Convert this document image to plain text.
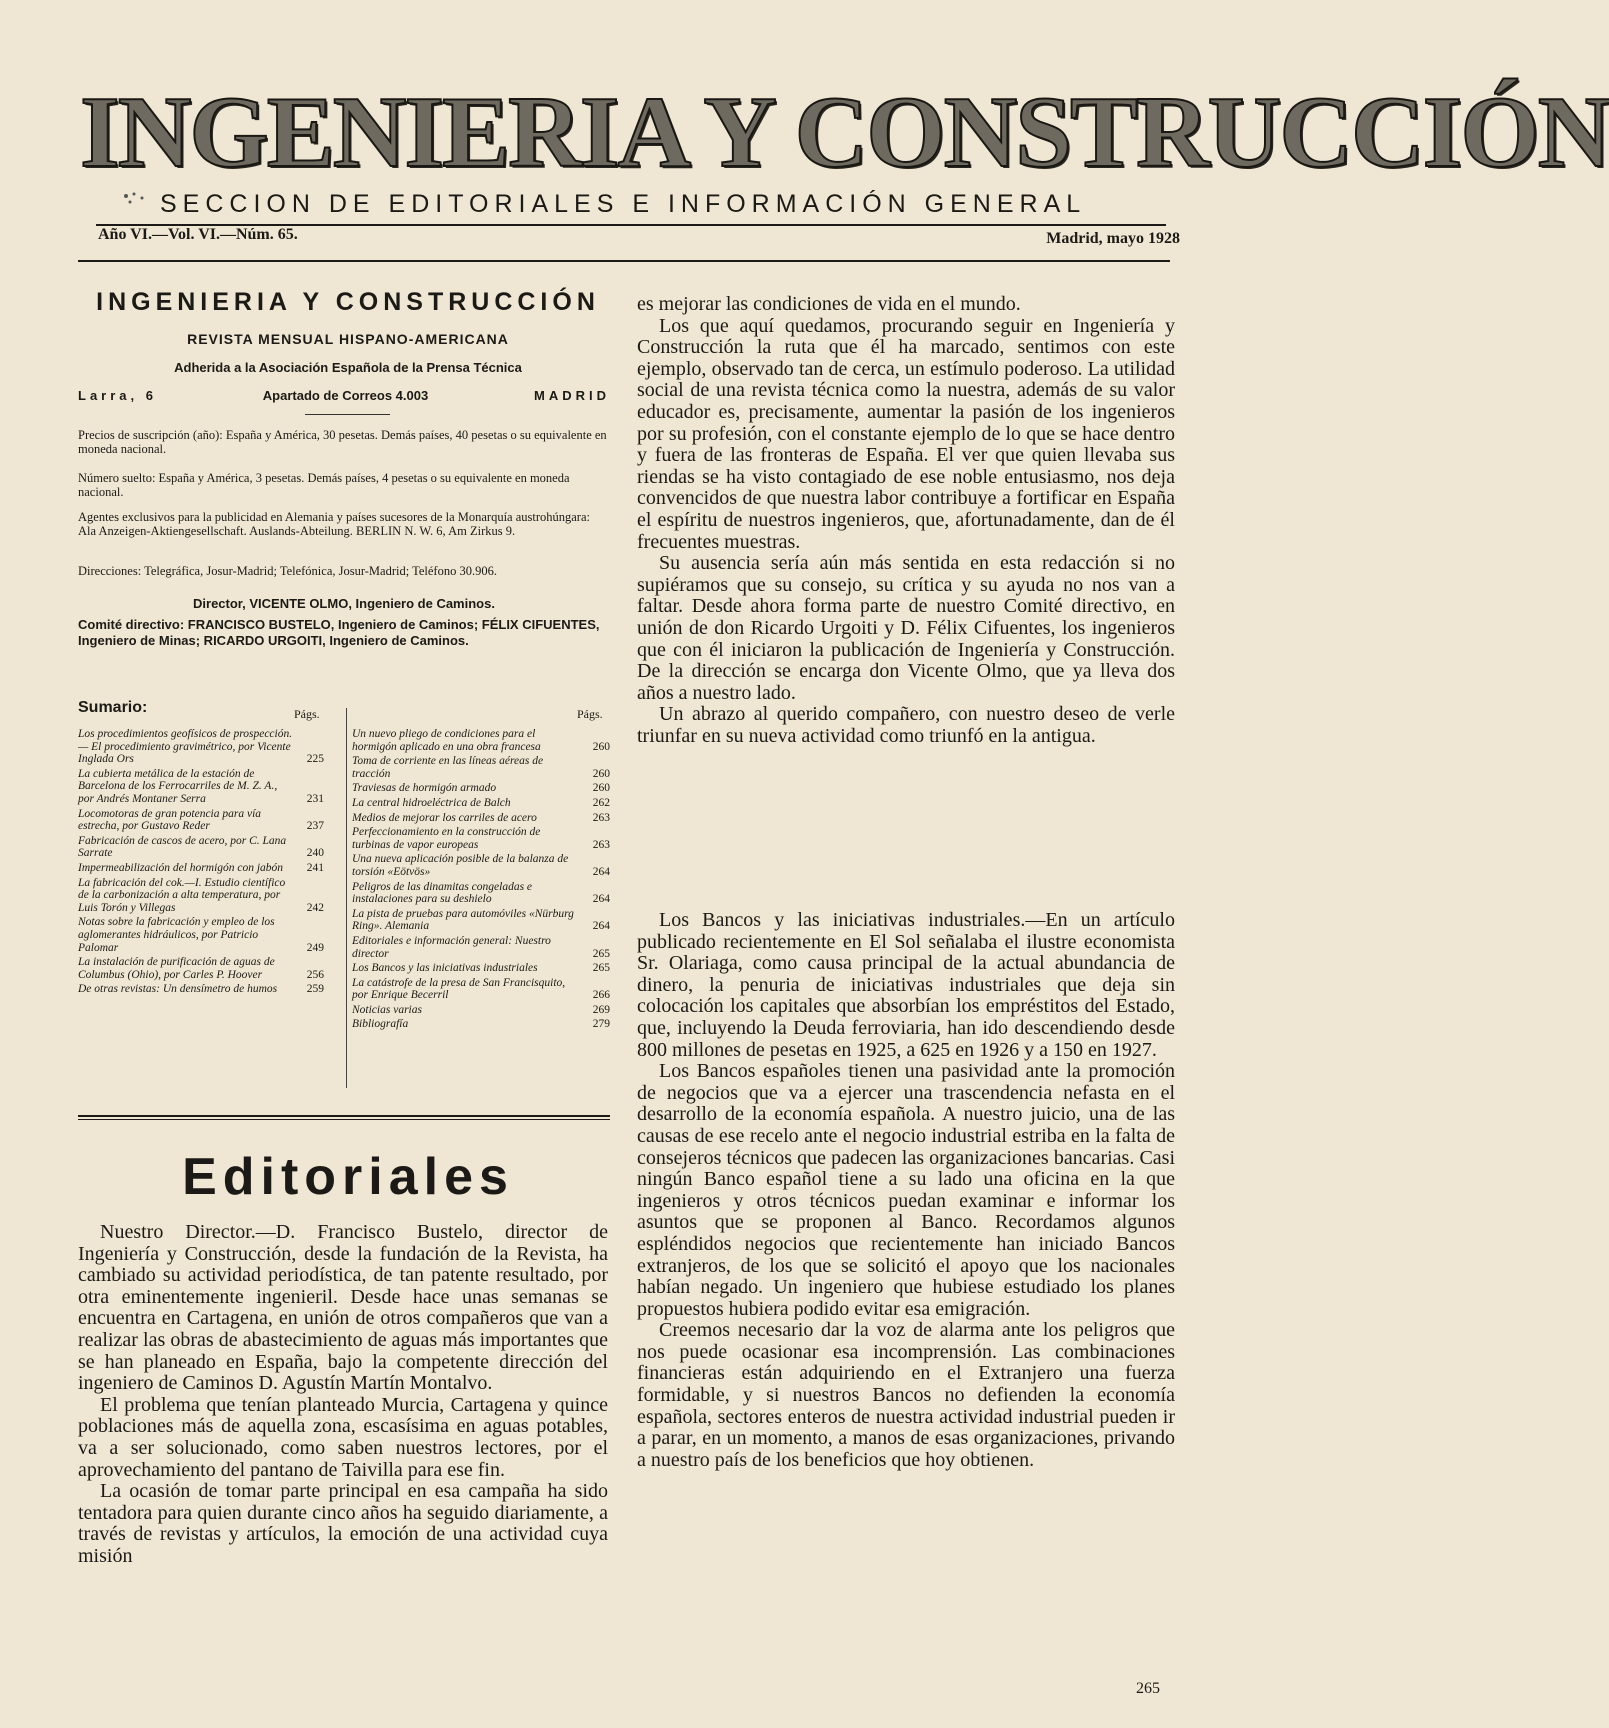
INGENIERIA Y CONSTRUCCIÓN
SECCION DE EDITORIALES E INFORMACIÓN GENERAL
Año VI.—Vol. VI.—Núm. 65.	Madrid, mayo 1928
INGENIERIA Y CONSTRUCCIÓN
REVISTA MENSUAL HISPANO-AMERICANA
Adherida a la Asociación Española de la Prensa Técnica
Larra, 6	Apartado de Correos 4.003	MADRID
Precios de suscripción (año): España y América, 30 pesetas. Demás países, 40 pesetas o su equivalente en moneda nacional.
Número suelto: España y América, 3 pesetas. Demás países, 4 pesetas o su equivalente en moneda nacional.
Agentes exclusivos para la publicidad en Alemania y países sucesores de la Monarquía austrohúngara: Ala Anzeigen-Aktiengesellschaft. Auslands-Abteilung. BERLIN N. W. 6, Am Zirkus 9.
Direcciones: Telegráfica, Josur-Madrid; Telefónica, Josur-Madrid; Teléfono 30.906.
Director, VICENTE OLMO, Ingeniero de Caminos.
Comité directivo: FRANCISCO BUSTELO, Ingeniero de Caminos; FÉLIX CIFUENTES, Ingeniero de Minas; RICARDO URGOITI, Ingeniero de Caminos.
Sumario:	Págs.	Págs.
Los procedimientos geofísicos de prospección. — El procedimiento gravimétrico, por Vicente Inglada Ors	225
La cubierta metálica de la estación de Barcelona de los Ferrocarriles de M. Z. A., por Andrés Montaner Serra	231
Locomotoras de gran potencia para vía estrecha, por Gustavo Reder	237
Fabricación de cascos de acero, por C. Lana Sarrate	240
Impermeabilización del hormigón con jabón	241
La fabricación del cok.—I. Estudio científico de la carbonización a alta temperatura, por Luis Torón y Villegas	242
Notas sobre la fabricación y empleo de los aglomerantes hidráulicos, por Patricio Palomar	249
La instalación de purificación de aguas de Columbus (Ohio), por Carles P. Hoover	256
De otras revistas: Un densímetro de humos	259
Un nuevo pliego de condiciones para el hormigón aplicado en una obra francesa	260
Toma de corriente en las líneas aéreas de tracción	260
Traviesas de hormigón armado	260
La central hidroeléctrica de Balch	262
Medios de mejorar los carriles de acero	263
Perfeccionamiento en la construcción de turbinas de vapor europeas	263
Una nueva aplicación posible de la balanza de torsión «Eötvös»	264
Peligros de las dinamitas congeladas e instalaciones para su deshielo	264
La pista de pruebas para automóviles «Nürburg Ring». Alemania	264
Editoriales e información general: Nuestro director	265
Los Bancos y las iniciativas industriales	265
La catástrofe de la presa de San Francisquito, por Enrique Becerril	266
Noticias varias	269
Bibliografía	279
Editoriales

Nuestro Director.—D. Francisco Bustelo, director de Ingeniería y Construcción, desde la fundación de la Revista, ha cambiado su actividad periodística, de tan patente resultado, por otra eminentemente ingenieril. Desde hace unas semanas se encuentra en Cartagena, en unión de otros compañeros que van a realizar las obras de abastecimiento de aguas más importantes que se han planeado en España, bajo la competente dirección del ingeniero de Caminos D. Agustín Martín Montalvo.

El problema que tenían planteado Murcia, Cartagena y quince poblaciones más de aquella zona, escasísima en aguas potables, va a ser solucionado, como saben nuestros lectores, por el aprovechamiento del pantano de Taivilla para ese fin.

La ocasión de tomar parte principal en esa campaña ha sido tentadora para quien durante cinco años ha seguido diariamente, a través de revistas y artículos, la emoción de una actividad cuya misión

es mejorar las condiciones de vida en el mundo.

Los que aquí quedamos, procurando seguir en Ingeniería y Construcción la ruta que él ha marcado, sentimos con este ejemplo, observado tan de cerca, un estímulo poderoso. La utilidad social de una revista técnica como la nuestra, además de su valor educador es, precisamente, aumentar la pasión de los ingenieros por su profesión, con el constante ejemplo de lo que se hace dentro y fuera de las fronteras de España. El ver que quien llevaba sus riendas se ha visto contagiado de ese noble entusiasmo, nos deja convencidos de que nuestra labor contribuye a fortificar en España el espíritu de nuestros ingenieros, que, afortunadamente, dan de él frecuentes muestras.

Su ausencia sería aún más sentida en esta redacción si no supiéramos que su consejo, su crítica y su ayuda no nos van a faltar. Desde ahora forma parte de nuestro Comité directivo, en unión de don Ricardo Urgoiti y D. Félix Cifuentes, los ingenieros que con él iniciaron la publicación de Ingeniería y Construcción. De la dirección se encarga don Vicente Olmo, que ya lleva dos años a nuestro lado.

Un abrazo al querido compañero, con nuestro deseo de verle triunfar en su nueva actividad como triunfó en la antigua.

Los Bancos y las iniciativas industriales.—En un artículo publicado recientemente en El Sol señalaba el ilustre economista Sr. Olariaga, como causa principal de la actual abundancia de dinero, la penuria de iniciativas industriales que deja sin colocación los capitales que absorbían los empréstitos del Estado, que, incluyendo la Deuda ferroviaria, han ido descendiendo desde 800 millones de pesetas en 1925, a 625 en 1926 y a 150 en 1927.

Los Bancos españoles tienen una pasividad ante la promoción de negocios que va a ejercer una trascendencia nefasta en el desarrollo de la economía española. A nuestro juicio, una de las causas de ese recelo ante el negocio industrial estriba en la falta de consejeros técnicos que padecen las organizaciones bancarias. Casi ningún Banco español tiene a su lado una oficina en la que ingenieros y otros técnicos puedan examinar e informar los asuntos que se proponen al Banco. Recordamos algunos espléndidos negocios que recientemente han iniciado Bancos extranjeros, de los que se solicitó el apoyo que los nacionales habían negado. Un ingeniero que hubiese estudiado los planes propuestos hubiera podido evitar esa emigración.

Creemos necesario dar la voz de alarma ante los peligros que nos puede ocasionar esa incomprensión. Las combinaciones financieras están adquiriendo en el Extranjero una fuerza formidable, y si nuestros Bancos no defienden la economía española, sectores enteros de nuestra actividad industrial pueden ir a parar, en un momento, a manos de esas organizaciones, privando a nuestro país de los beneficios que hoy obtienen.

265
